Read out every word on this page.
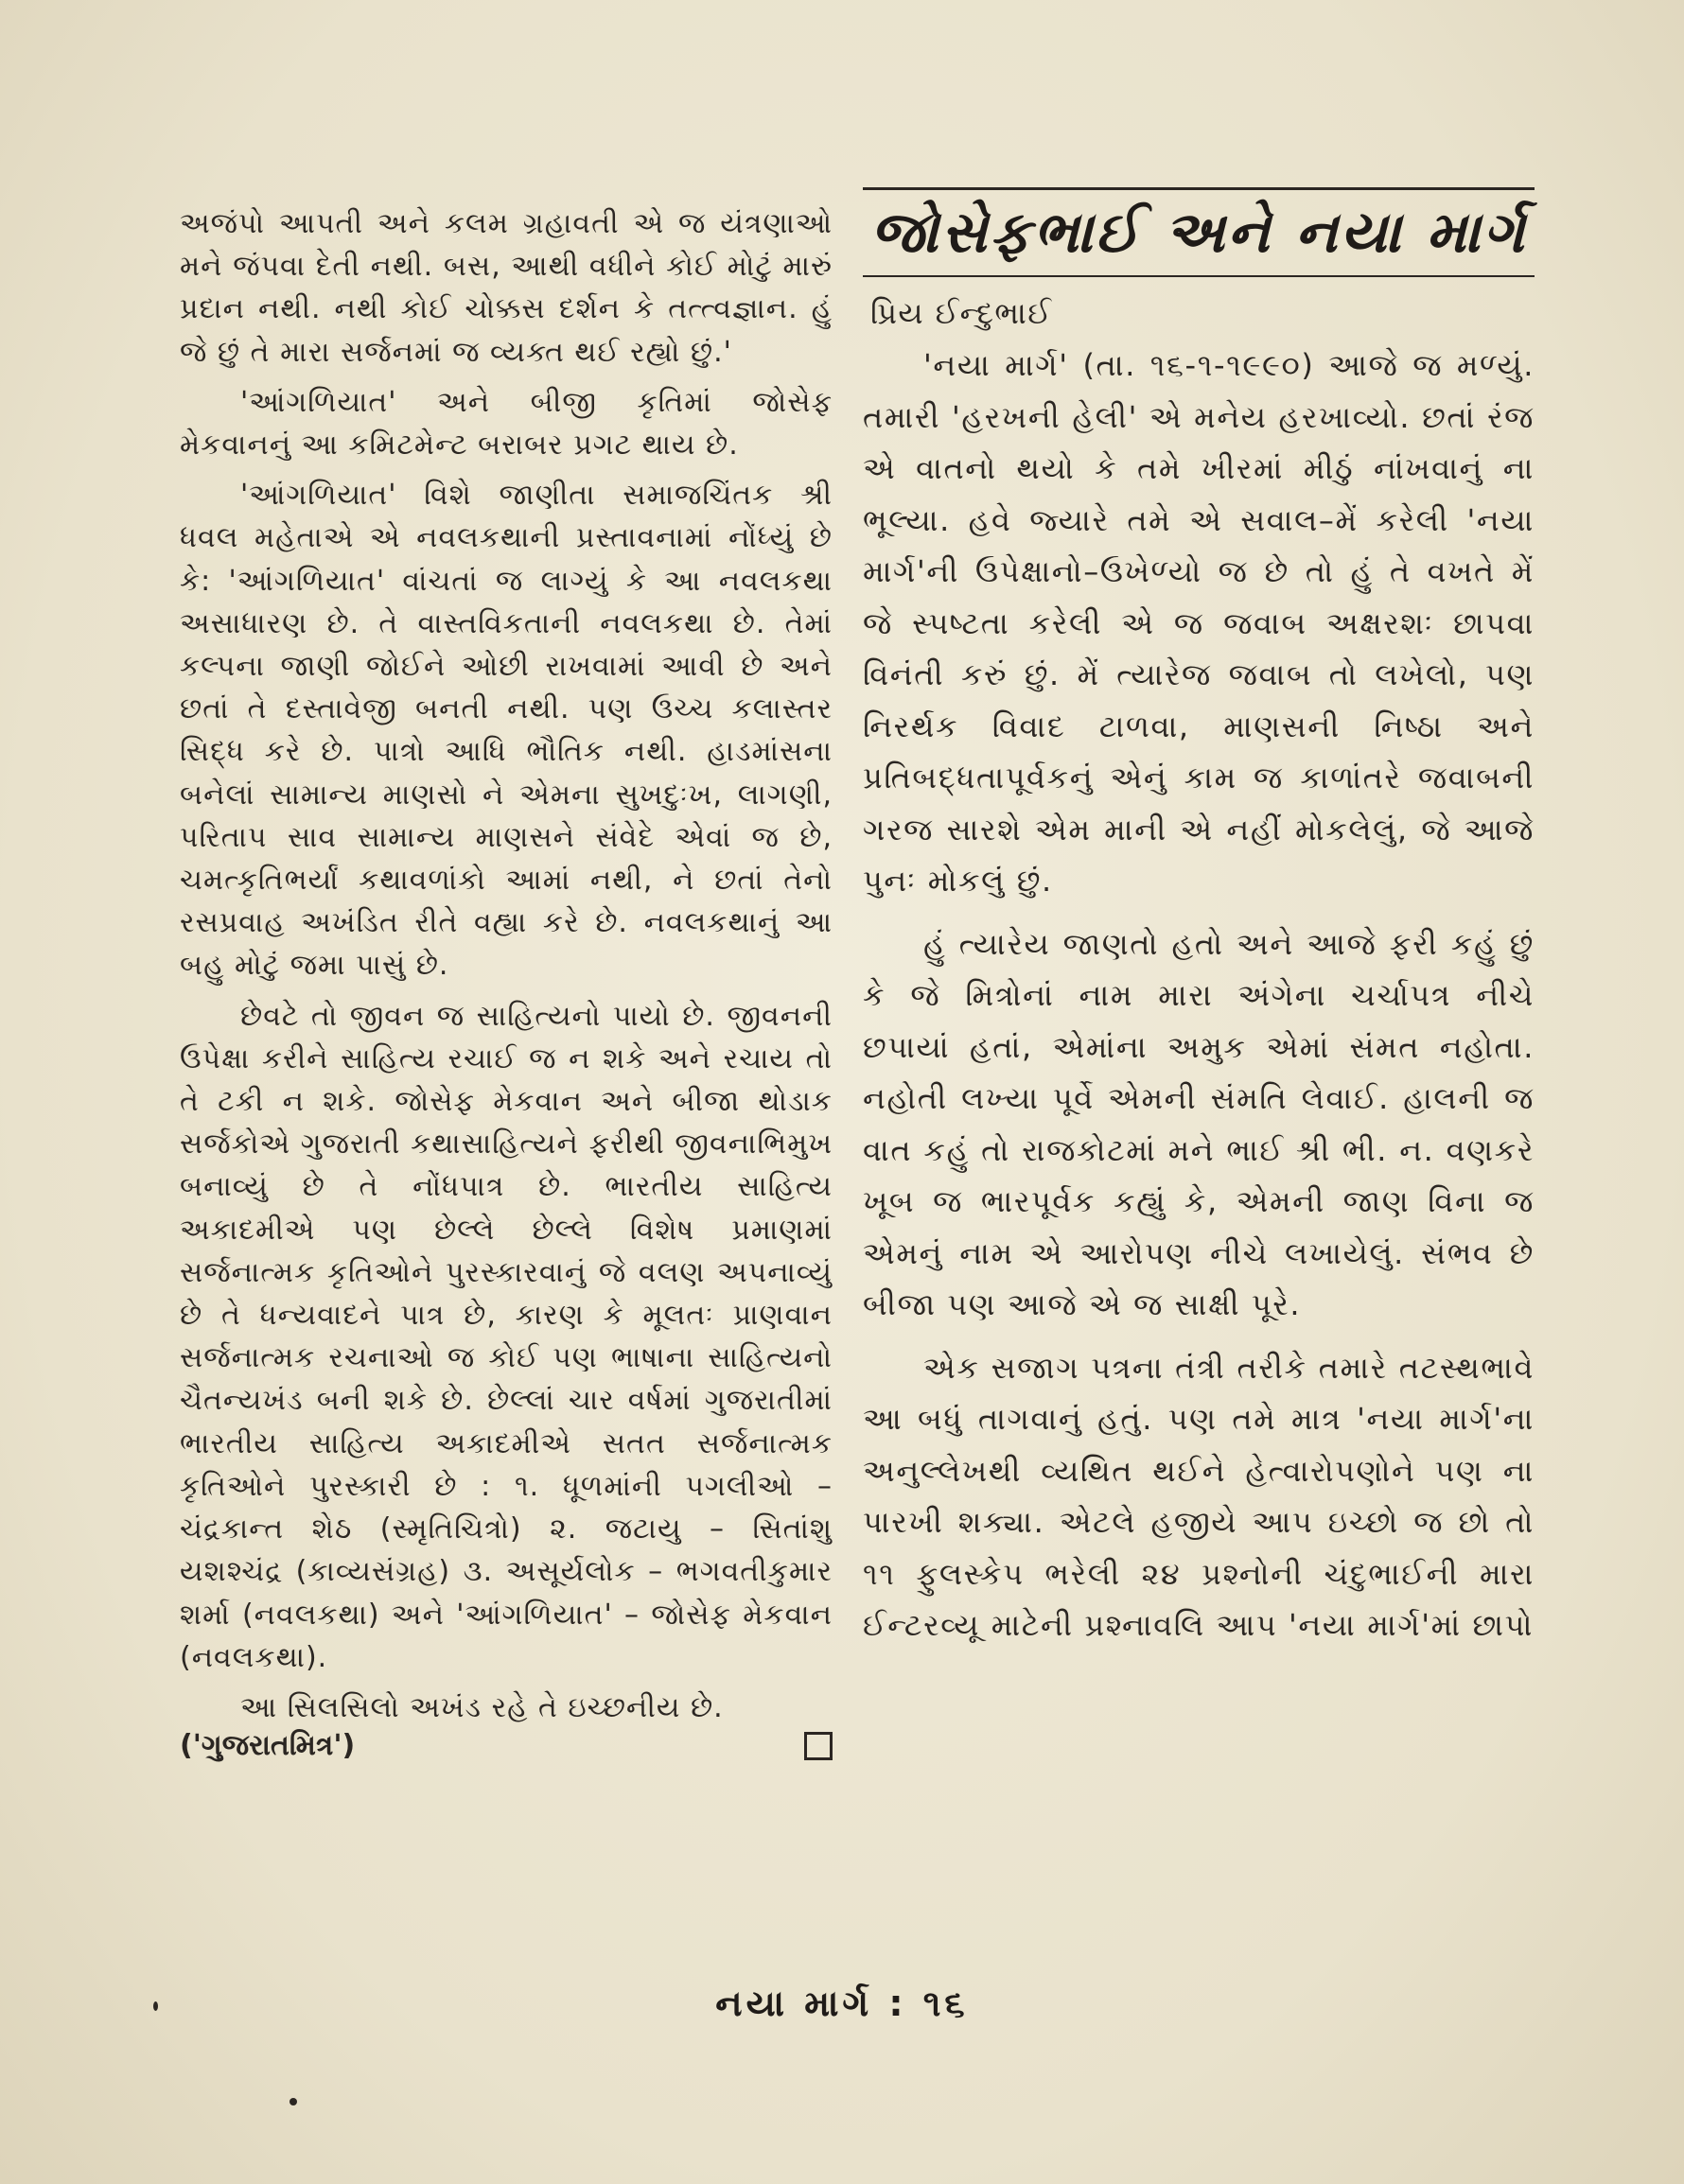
અજંપો આપતી અને કલમ ગ્રહાવતી એ જ યંત્રણાઓ મને જંપવા દેતી નથી. બસ, આથી વધીને કોઈ મોટું મારું પ્રદાન નથી. નથી કોઈ ચોક્કસ દર્શન કે તત્ત્વજ્ઞાન. હું જે છું તે મારા સર્જનમાં જ વ્યક્ત થઈ રહ્યો છું.'

'આંગળિયાત' અને બીજી કૃતિમાં જોસેફ મેકવાનનું આ કમિટમેન્ટ બરાબર પ્રગટ થાય છે.

'આંગળિયાત' વિશે જાણીતા સમાજચિંતક શ્રી ધવલ મહેતાએ એ નવલકથાની પ્રસ્તાવનામાં નોંધ્યું છે કે: 'આંગળિયાત' વાંચતાં જ લાગ્યું કે આ નવલકથા અસાધારણ છે. તે વાસ્તવિકતાની નવલકથા છે. તેમાં કલ્પના જાણી જોઈને ઓછી રાખવામાં આવી છે અને છતાં તે દસ્તાવેજી બનતી નથી. પણ ઉચ્ચ કલાસ્તર સિદ્ધ કરે છે. પાત્રો આધિ ભૌતિક નથી. હાડમાંસના બનેલાં સામાન્ય માણસો ને એમના સુખદુઃખ, લાગણી, પરિતાપ સાવ સામાન્ય માણસને સંવેદે એવાં જ છે, ચમત્કૃતિભર્યાં કથાવળાંકો આમાં નથી, ને છતાં તેનો રસપ્રવાહ અખંડિત રીતે વહ્યા કરે છે. નવલકથાનું આ બહુ મોટું જમા પાસું છે.

છેવટે તો જીવન જ સાહિત્યનો પાયો છે. જીવનની ઉપેક્ષા કરીને સાહિત્ય રચાઈ જ ન શકે અને રચાય તો તે ટકી ન શકે. જોસેફ મેકવાન અને બીજા થોડાક સર્જકોએ ગુજરાતી કથાસાહિત્યને ફરીથી જીવનાભિમુખ બનાવ્યું છે તે નોંધપાત્ર છે. ભારતીય સાહિત્ય અકાદમીએ પણ છેલ્લે છેલ્લે વિશેષ પ્રમાણમાં સર્જનાત્મક કૃતિઓને પુરસ્કારવાનું જે વલણ અપનાવ્યું છે તે ધન્યવાદને પાત્ર છે, કારણ કે મૂલતઃ પ્રાણવાન સર્જનાત્મક રચનાઓ જ કોઈ પણ ભાષાના સાહિત્યનો ચૈતન્યખંડ બની શકે છે. છેલ્લાં ચાર વર્ષમાં ગુજરાતીમાં ભારતીય સાહિત્ય અકાદમીએ સતત સર્જનાત્મક કૃતિઓને પુરસ્કારી છે : ૧. ધૂળમાંની પગલીઓ – ચંદ્રકાન્ત શેઠ (સ્મૃતિચિત્રો) ૨. જટાયુ – સિતાંશુ યશશ્ચંદ્ર (કાવ્યસંગ્રહ) ૩. અસૂર્યલોક – ભગવતીકુમાર શર્મા (નવલકથા) અને 'આંગળિયાત' – જોસેફ મેકવાન (નવલકથા).

આ સિલસિલો અખંડ રહે તે ઇચ્છનીય છે.

('ગુજરાતમિત્ર')
જોસેફભાઈ અને નયા માર્ગ
પ્રિય ઈન્દુભાઈ

'નયા માર્ગ' (તા. ૧૬-૧-૧૯૯૦) આજે જ મળ્યું. તમારી 'હરખની હેલી' એ મનેય હરખાવ્યો. છતાં રંજ એ વાતનો થયો કે તમે ખીરમાં મીઠું નાંખવાનું ના ભૂલ્યા. હવે જ્યારે તમે એ સવાલ–મેં કરેલી 'નયા માર્ગ'ની ઉપેક્ષાનો–ઉખેળ્યો જ છે તો હું તે વખતે મેં જે સ્પષ્ટતા કરેલી એ જ જવાબ અક્ષરશઃ છાપવા વિનંતી કરું છું. મેં ત્યારેજ જવાબ તો લખેલો, પણ નિરર્થક વિવાદ ટાળવા, માણસની નિષ્ઠા અને પ્રતિબદ્ધતાપૂર્વકનું એનું કામ જ કાળાંતરે જવાબની ગરજ સારશે એમ માની એ નહીં મોકલેલું, જે આજે પુનઃ મોકલું છું.

હું ત્યારેય જાણતો હતો અને આજે ફરી કહું છું કે જે મિત્રોનાં નામ મારા અંગેના ચર્ચાપત્ર નીચે છપાયાં હતાં, એમાંના અમુક એમાં સંમત નહોતા. નહોતી લખ્યા પૂર્વે એમની સંમતિ લેવાઈ. હાલની જ વાત કહું તો રાજકોટમાં મને ભાઈ શ્રી ભી. ન. વણકરે ખૂબ જ ભારપૂર્વક કહ્યું કે, એમની જાણ વિના જ એમનું નામ એ આરોપણ નીચે લખાયેલું. સંભવ છે બીજા પણ આજે એ જ સાક્ષી પૂરે.

એક સજાગ પત્રના તંત્રી તરીકે તમારે તટસ્થભાવે આ બધું તાગવાનું હતું. પણ તમે માત્ર 'નયા માર્ગ'ના અનુલ્લેખથી વ્યથિત થઈને હેત્વારોપણોને પણ ના પારખી શક્યા. એટલે હજીયે આપ ઇચ્છો જ છો તો ૧૧ ફુલસ્કેપ ભરેલી ૨૪ પ્રશ્નોની ચંદુભાઈની મારા ઈન્ટરવ્યૂ માટેની પ્રશ્નાવલિ આપ 'નયા માર્ગ'માં છાપો

નયા માર્ગ : ૧૬
